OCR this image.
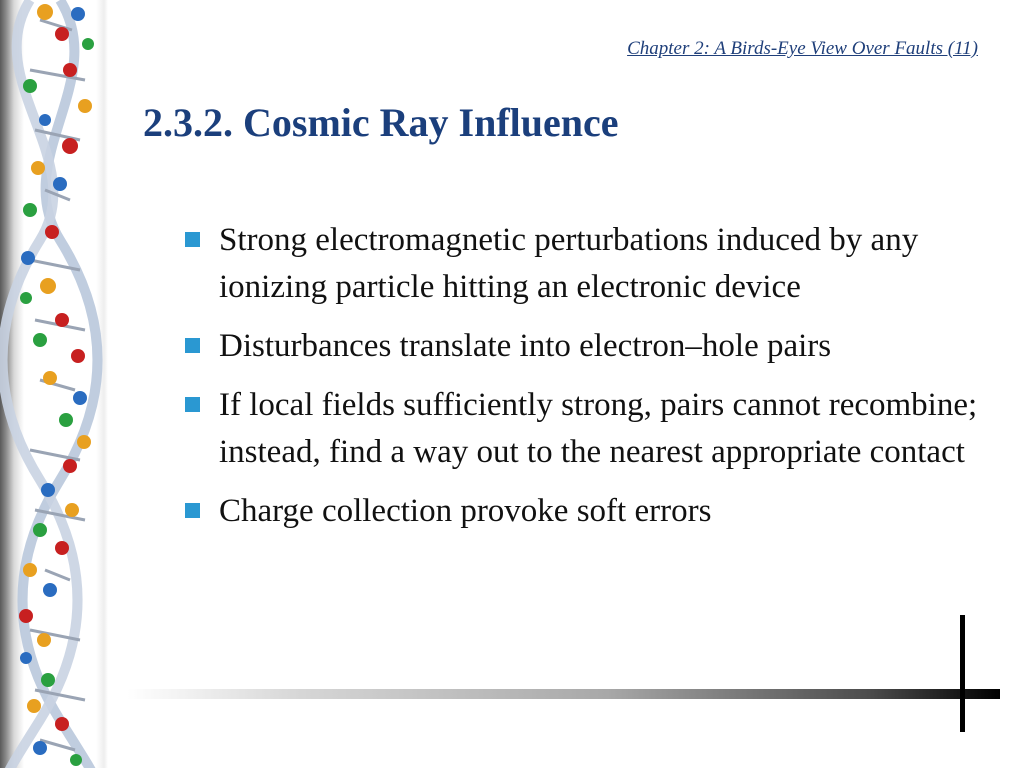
Chapter 2: A Birds-Eye View Over Faults (11)
2.3.2. Cosmic Ray Influence
Strong electromagnetic perturbations induced by any ionizing particle hitting an electronic device
Disturbances translate into electron–hole pairs
If local fields sufficiently strong, pairs cannot recombine; instead, find a way out to the nearest appropriate contact
Charge collection provoke soft errors
